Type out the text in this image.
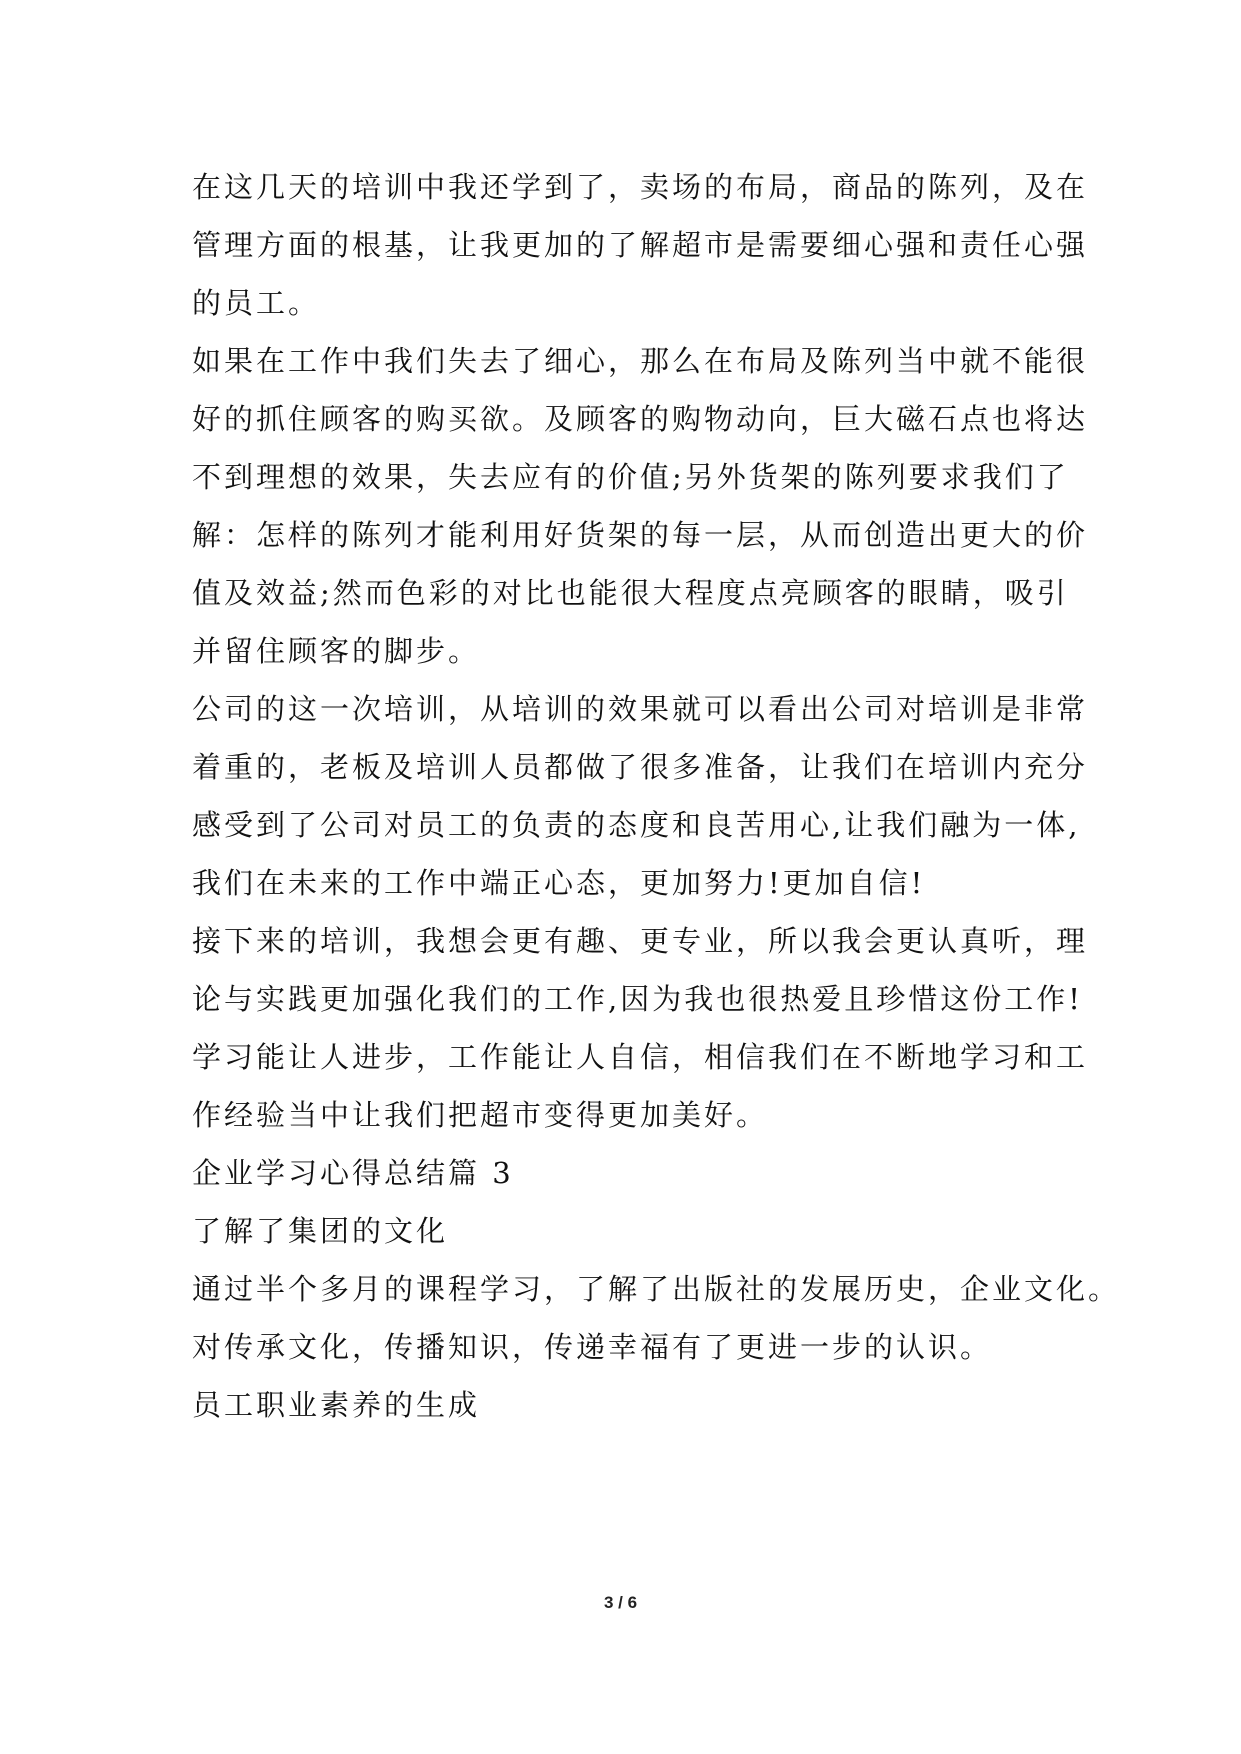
在这几天的培训中我还学到了，卖场的布局，商品的陈列，及在
管理方面的根基，让我更加的了解超市是需要细心强和责任心强
的员工。

如果在工作中我们失去了细心，那么在布局及陈列当中就不能很
好的抓住顾客的购买欲。及顾客的购物动向，巨大磁石点也将达
不到理想的效果，失去应有的价值;另外货架的陈列要求我们了
解：怎样的陈列才能利用好货架的每一层，从而创造出更大的价
值及效益;然而色彩的对比也能很大程度点亮顾客的眼睛，吸引
并留住顾客的脚步。

公司的这一次培训，从培训的效果就可以看出公司对培训是非常
着重的，老板及培训人员都做了很多准备，让我们在培训内充分
感受到了公司对员工的负责的态度和良苦用心,让我们融为一体,
我们在未来的工作中端正心态，更加努力!更加自信!

接下来的培训，我想会更有趣、更专业，所以我会更认真听，理
论与实践更加强化我们的工作,因为我也很热爱且珍惜这份工作!
学习能让人进步，工作能让人自信，相信我们在不断地学习和工
作经验当中让我们把超市变得更加美好。

企业学习心得总结篇 3

了解了集团的文化

通过半个多月的课程学习，了解了出版社的发展历史，企业文化。
对传承文化，传播知识，传递幸福有了更进一步的认识。

员工职业素养的生成

3 / 6
